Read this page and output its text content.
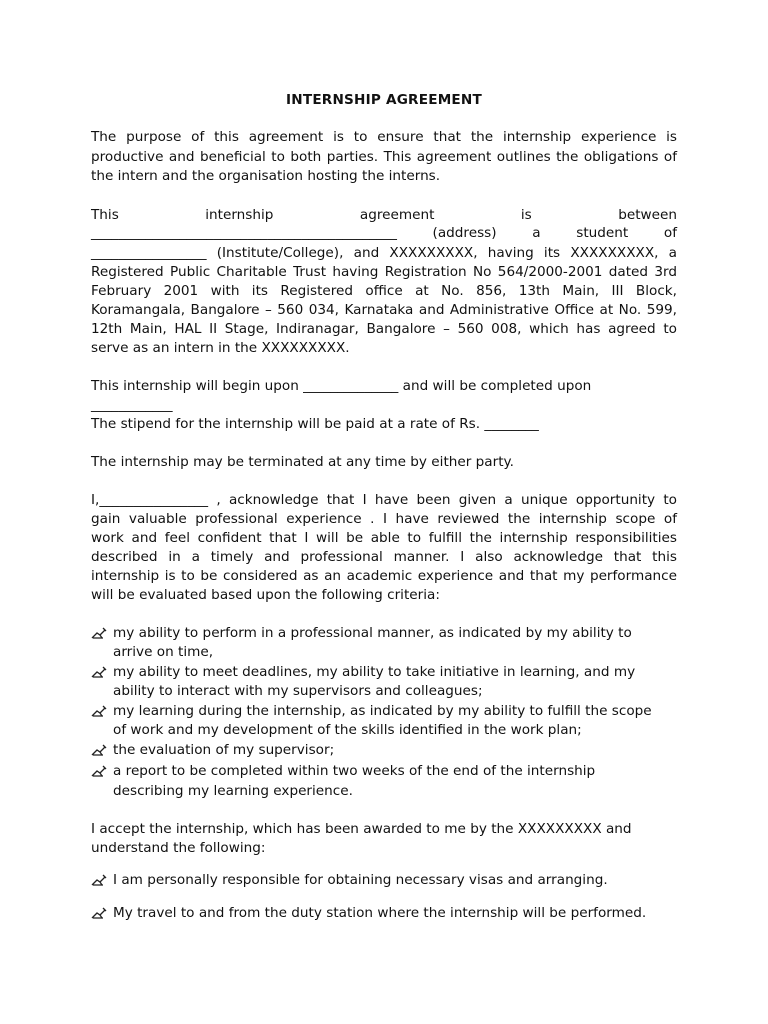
INTERNSHIP AGREEMENT
The purpose of this agreement is to ensure that the internship experience is
productive and beneficial to both parties. This agreement outlines the obligations of
the intern and the organisation hosting the interns.
This	internship	agreement	is	between
_____________________________________________ (address) a student of
_________________ (Institute/College), and XXXXXXXXX, having its XXXXXXXXX, a
Registered Public Charitable Trust having Registration No 564/2000-2001 dated 3rd
February 2001 with its Registered office at No. 856, 13th Main, III Block,
Koramangala, Bangalore – 560 034, Karnataka and Administrative Office at No. 599,
12th Main, HAL II Stage, Indiranagar, Bangalore – 560 008, which has agreed to
serve as an intern in the XXXXXXXXX.
This internship will begin upon ______________ and will be completed upon
____________
The stipend for the internship will be paid at a rate of Rs. ________
The internship may be terminated at any time by either party.
I,________________ , acknowledge that I have been given a unique opportunity to
gain valuable professional experience . I have reviewed the internship scope of
work and feel confident that I will be able to fulfill the internship responsibilities
described in a timely and professional manner. I also acknowledge that this
internship is to be considered as an academic experience and that my performance
will be evaluated based upon the following criteria:
my ability to perform in a professional manner, as indicated by my ability to
arrive on time,
my ability to meet deadlines, my ability to take initiative in learning, and my
ability to interact with my supervisors and colleagues;
my learning during the internship, as indicated by my ability to fulfill the scope
of work and my development of the skills identified in the work plan;
the evaluation of my supervisor;
a report to be completed within two weeks of the end of the internship
describing my learning experience.
I accept the internship, which has been awarded to me by the XXXXXXXXX and
understand the following:
I am personally responsible for obtaining necessary visas and arranging.
My travel to and from the duty station where the internship will be performed.
